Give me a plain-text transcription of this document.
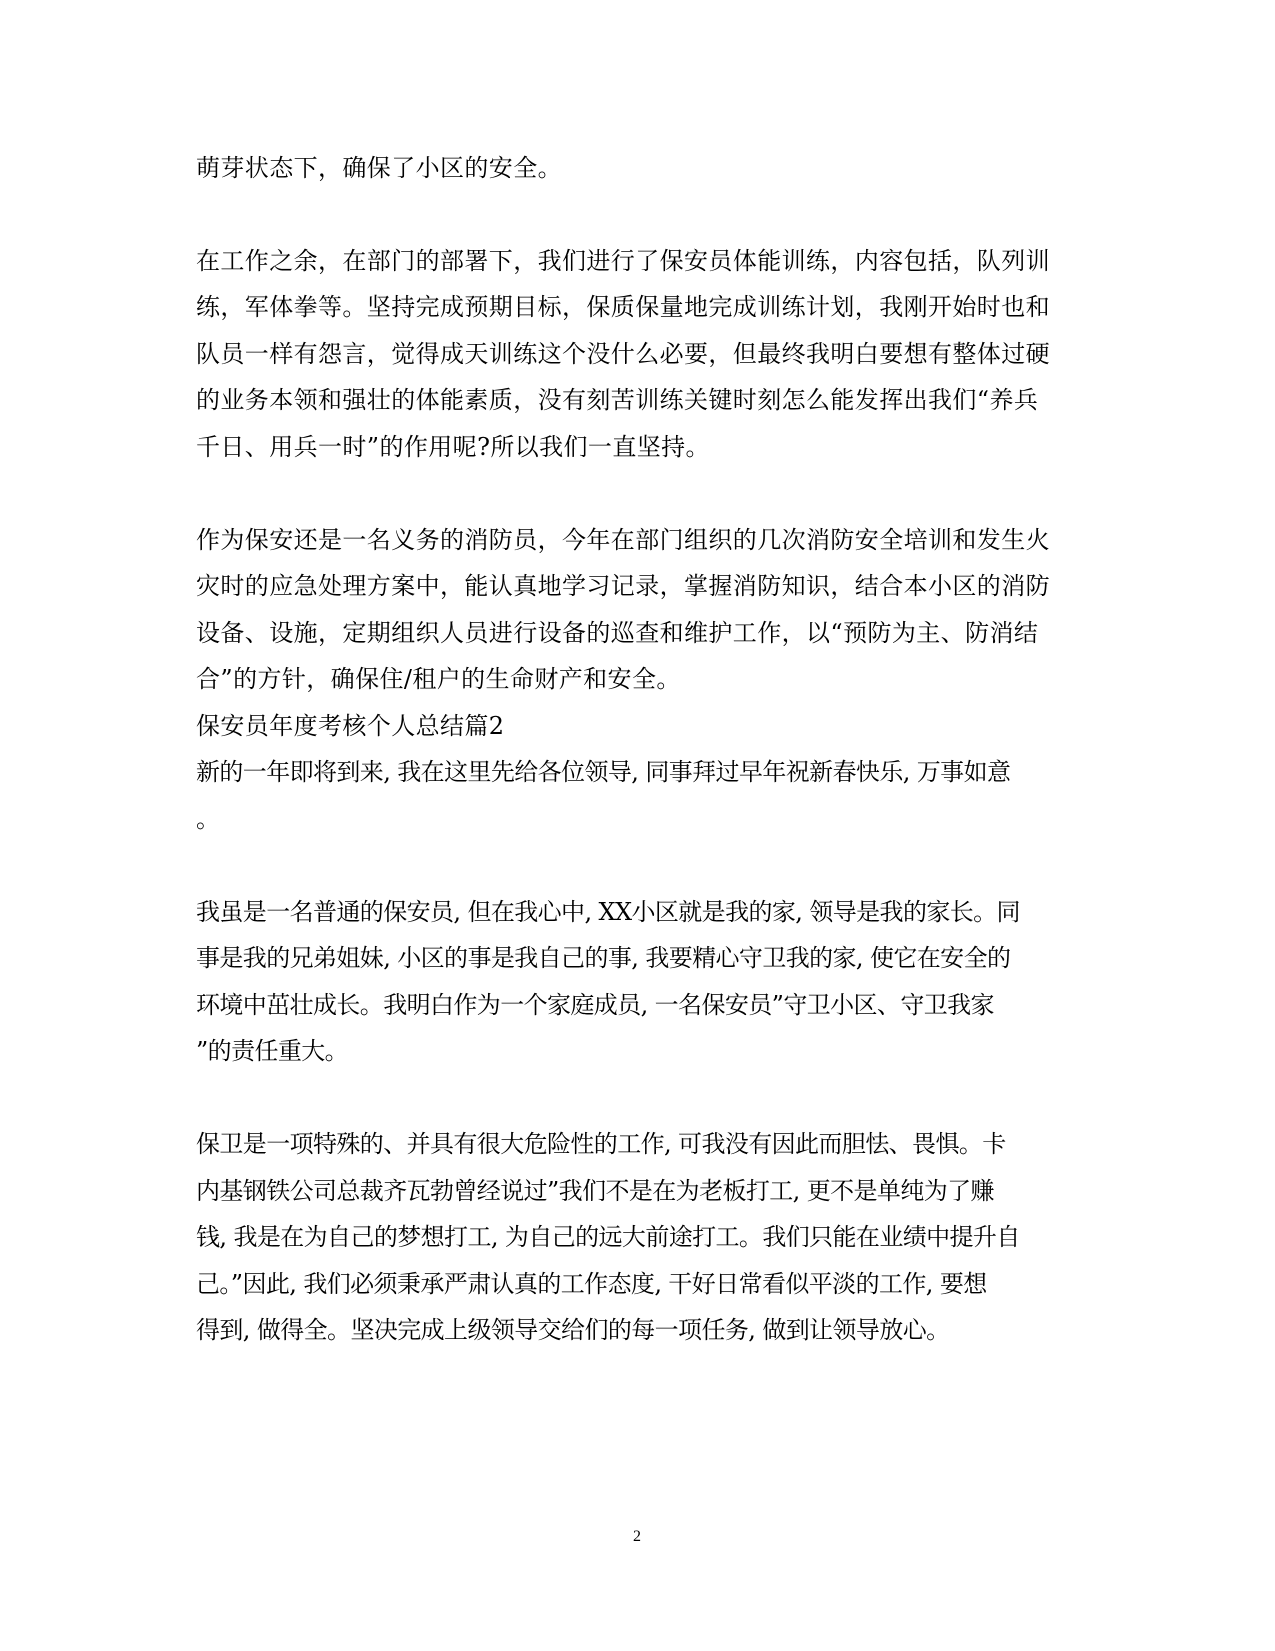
萌芽状态下，确保了小区的安全。
在工作之余，在部门的部署下，我们进行了保安员体能训练，内容包括，队列训
练，军体拳等。坚持完成预期目标，保质保量地完成训练计划，我刚开始时也和
队员一样有怨言，觉得成天训练这个没什么必要，但最终我明白要想有整体过硬
的业务本领和强壮的体能素质，没有刻苦训练关键时刻怎么能发挥出我们“养兵
千日、用兵一时”的作用呢?所以我们一直坚持。
作为保安还是一名义务的消防员，今年在部门组织的几次消防安全培训和发生火
灾时的应急处理方案中，能认真地学习记录，掌握消防知识，结合本小区的消防
设备、设施，定期组织人员进行设备的巡查和维护工作，以“预防为主、防消结
合”的方针，确保住/租户的生命财产和安全。
保安员年度考核个人总结篇2
新的一年即将到来, 我在这里先给各位领导, 同事拜过早年祝新春快乐, 万事如意
。
我虽是一名普通的保安员, 但在我心中, XX小区就是我的家, 领导是我的家长。同
事是我的兄弟姐妹, 小区的事是我自己的事, 我要精心守卫我的家, 使它在安全的
环境中茁壮成长。我明白作为一个家庭成员, 一名保安员”守卫小区、守卫我家
”的责任重大。
保卫是一项特殊的、并具有很大危险性的工作, 可我没有因此而胆怯、畏惧。卡
内基钢铁公司总裁齐瓦勃曾经说过”我们不是在为老板打工, 更不是单纯为了赚
钱, 我是在为自己的梦想打工, 为自己的远大前途打工。我们只能在业绩中提升自
己。”因此, 我们必须秉承严肃认真的工作态度, 干好日常看似平淡的工作, 要想
得到, 做得全。坚决完成上级领导交给们的每一项任务, 做到让领导放心。
2
